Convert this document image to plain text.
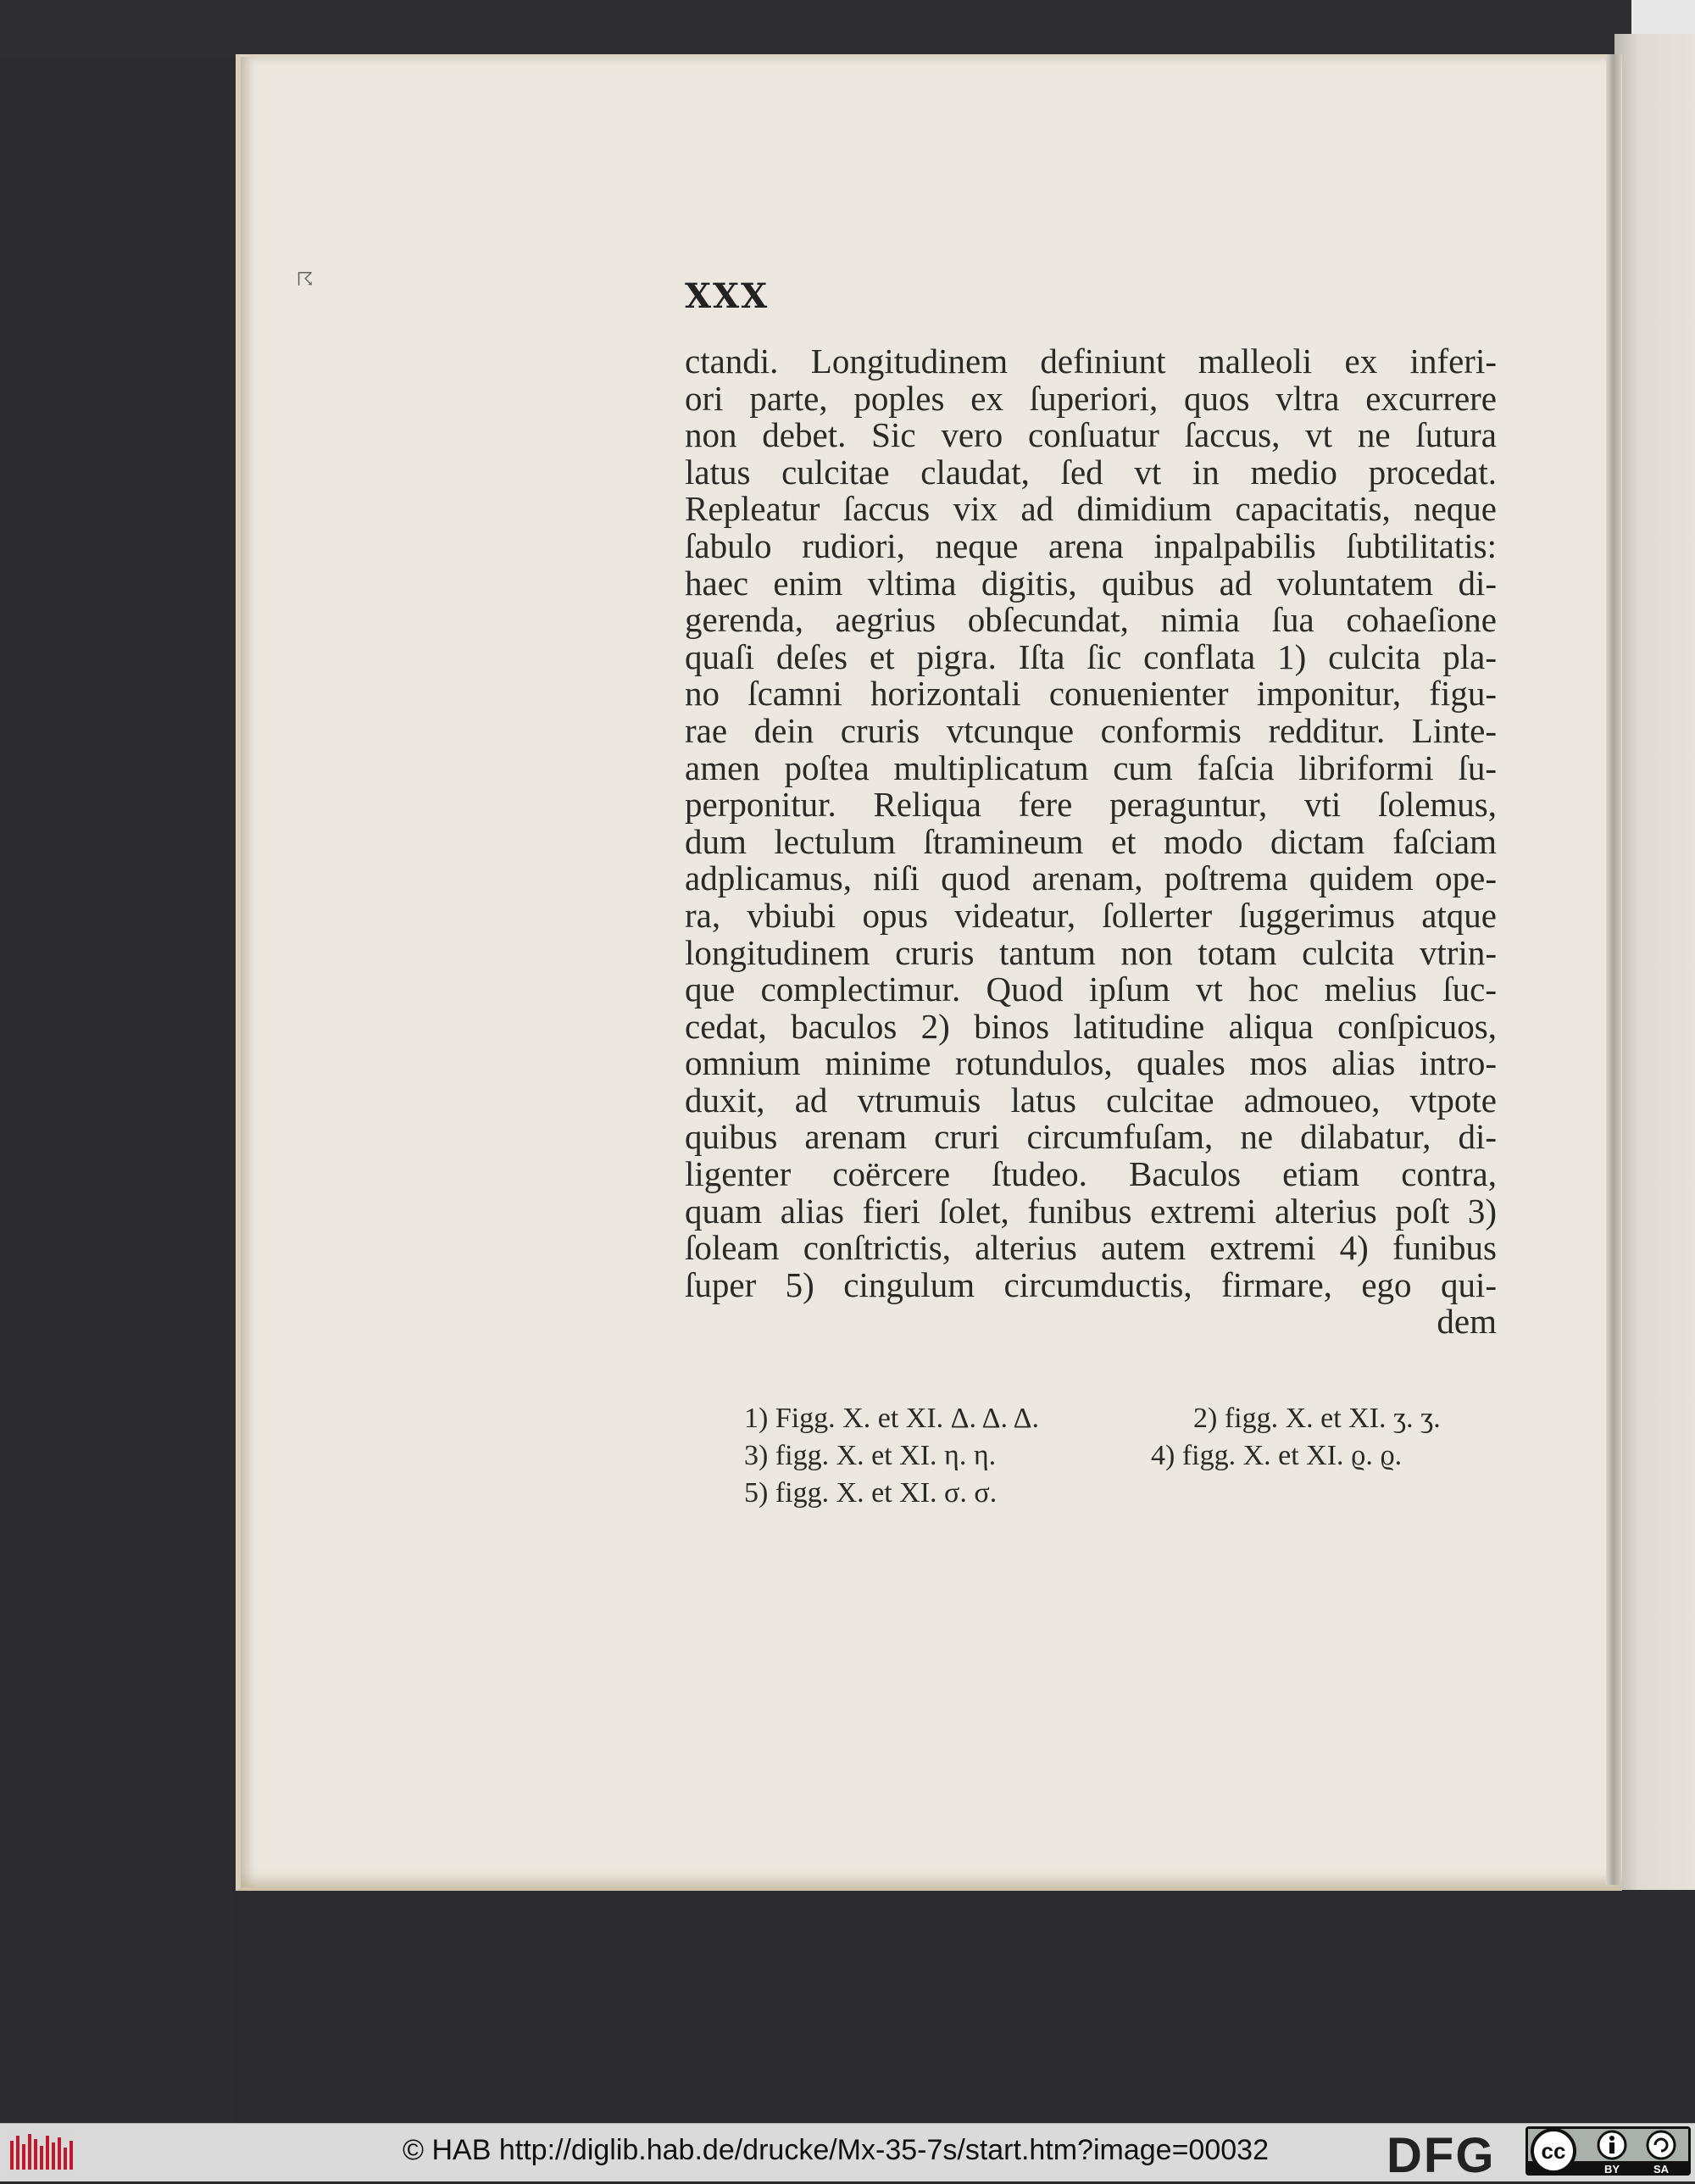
☈	XXX
ctandi. Longitudinem definiunt malleoli ex inferi-
ori parte, poples ex ſuperiori, quos vltra excurrere
non debet. Sic vero conſuatur ſaccus, vt ne ſutura
latus culcitae claudat, ſed vt in medio procedat.
Repleatur ſaccus vix ad dimidium capacitatis, neque
ſabulo rudiori, neque arena inpalpabilis ſubtilitatis:
haec enim vltima digitis, quibus ad voluntatem di-
gerenda, aegrius obſecundat, nimia ſua cohaeſione
quaſi deſes et pigra. Iſta ſic conflata 1) culcita pla-
no ſcamni horizontali conuenienter imponitur, figu-
rae dein cruris vtcunque conformis redditur. Linte-
amen poſtea multiplicatum cum faſcia libriformi ſu-
perponitur. Reliqua fere peraguntur, vti ſolemus,
dum lectulum ſtramineum et modo dictam faſciam
adplicamus, niſi quod arenam, poſtrema quidem ope-
ra, vbiubi opus videatur, ſollerter ſuggerimus atque
longitudinem cruris tantum non totam culcita vtrin-
que complectimur. Quod ipſum vt hoc melius ſuc-
cedat, baculos 2) binos latitudine aliqua conſpicuos,
omnium minime rotundulos, quales mos alias intro-
duxit, ad vtrumuis latus culcitae admoueo, vtpote
quibus arenam cruri circumfuſam, ne dilabatur, di-
ligenter coërcere ſtudeo. Baculos etiam contra,
quam alias fieri ſolet, funibus extremi alterius poſt 3)
ſoleam conſtrictis, alterius autem extremi 4) funibus
ſuper 5) cingulum circumductis, firmare, ego qui-
dem
1) Figg. X. et XI. Δ. Δ. Δ.	2) figg. X. et XI. ʒ. ʒ.
3) figg. X. et XI. η. η.	4) figg. X. et XI. ϱ. ϱ.
5) figg. X. et XI. σ. σ.
© HAB http://diglib.hab.de/drucke/Mx-35-7s/start.htm?image=00032 DFG cc
BY	SA
